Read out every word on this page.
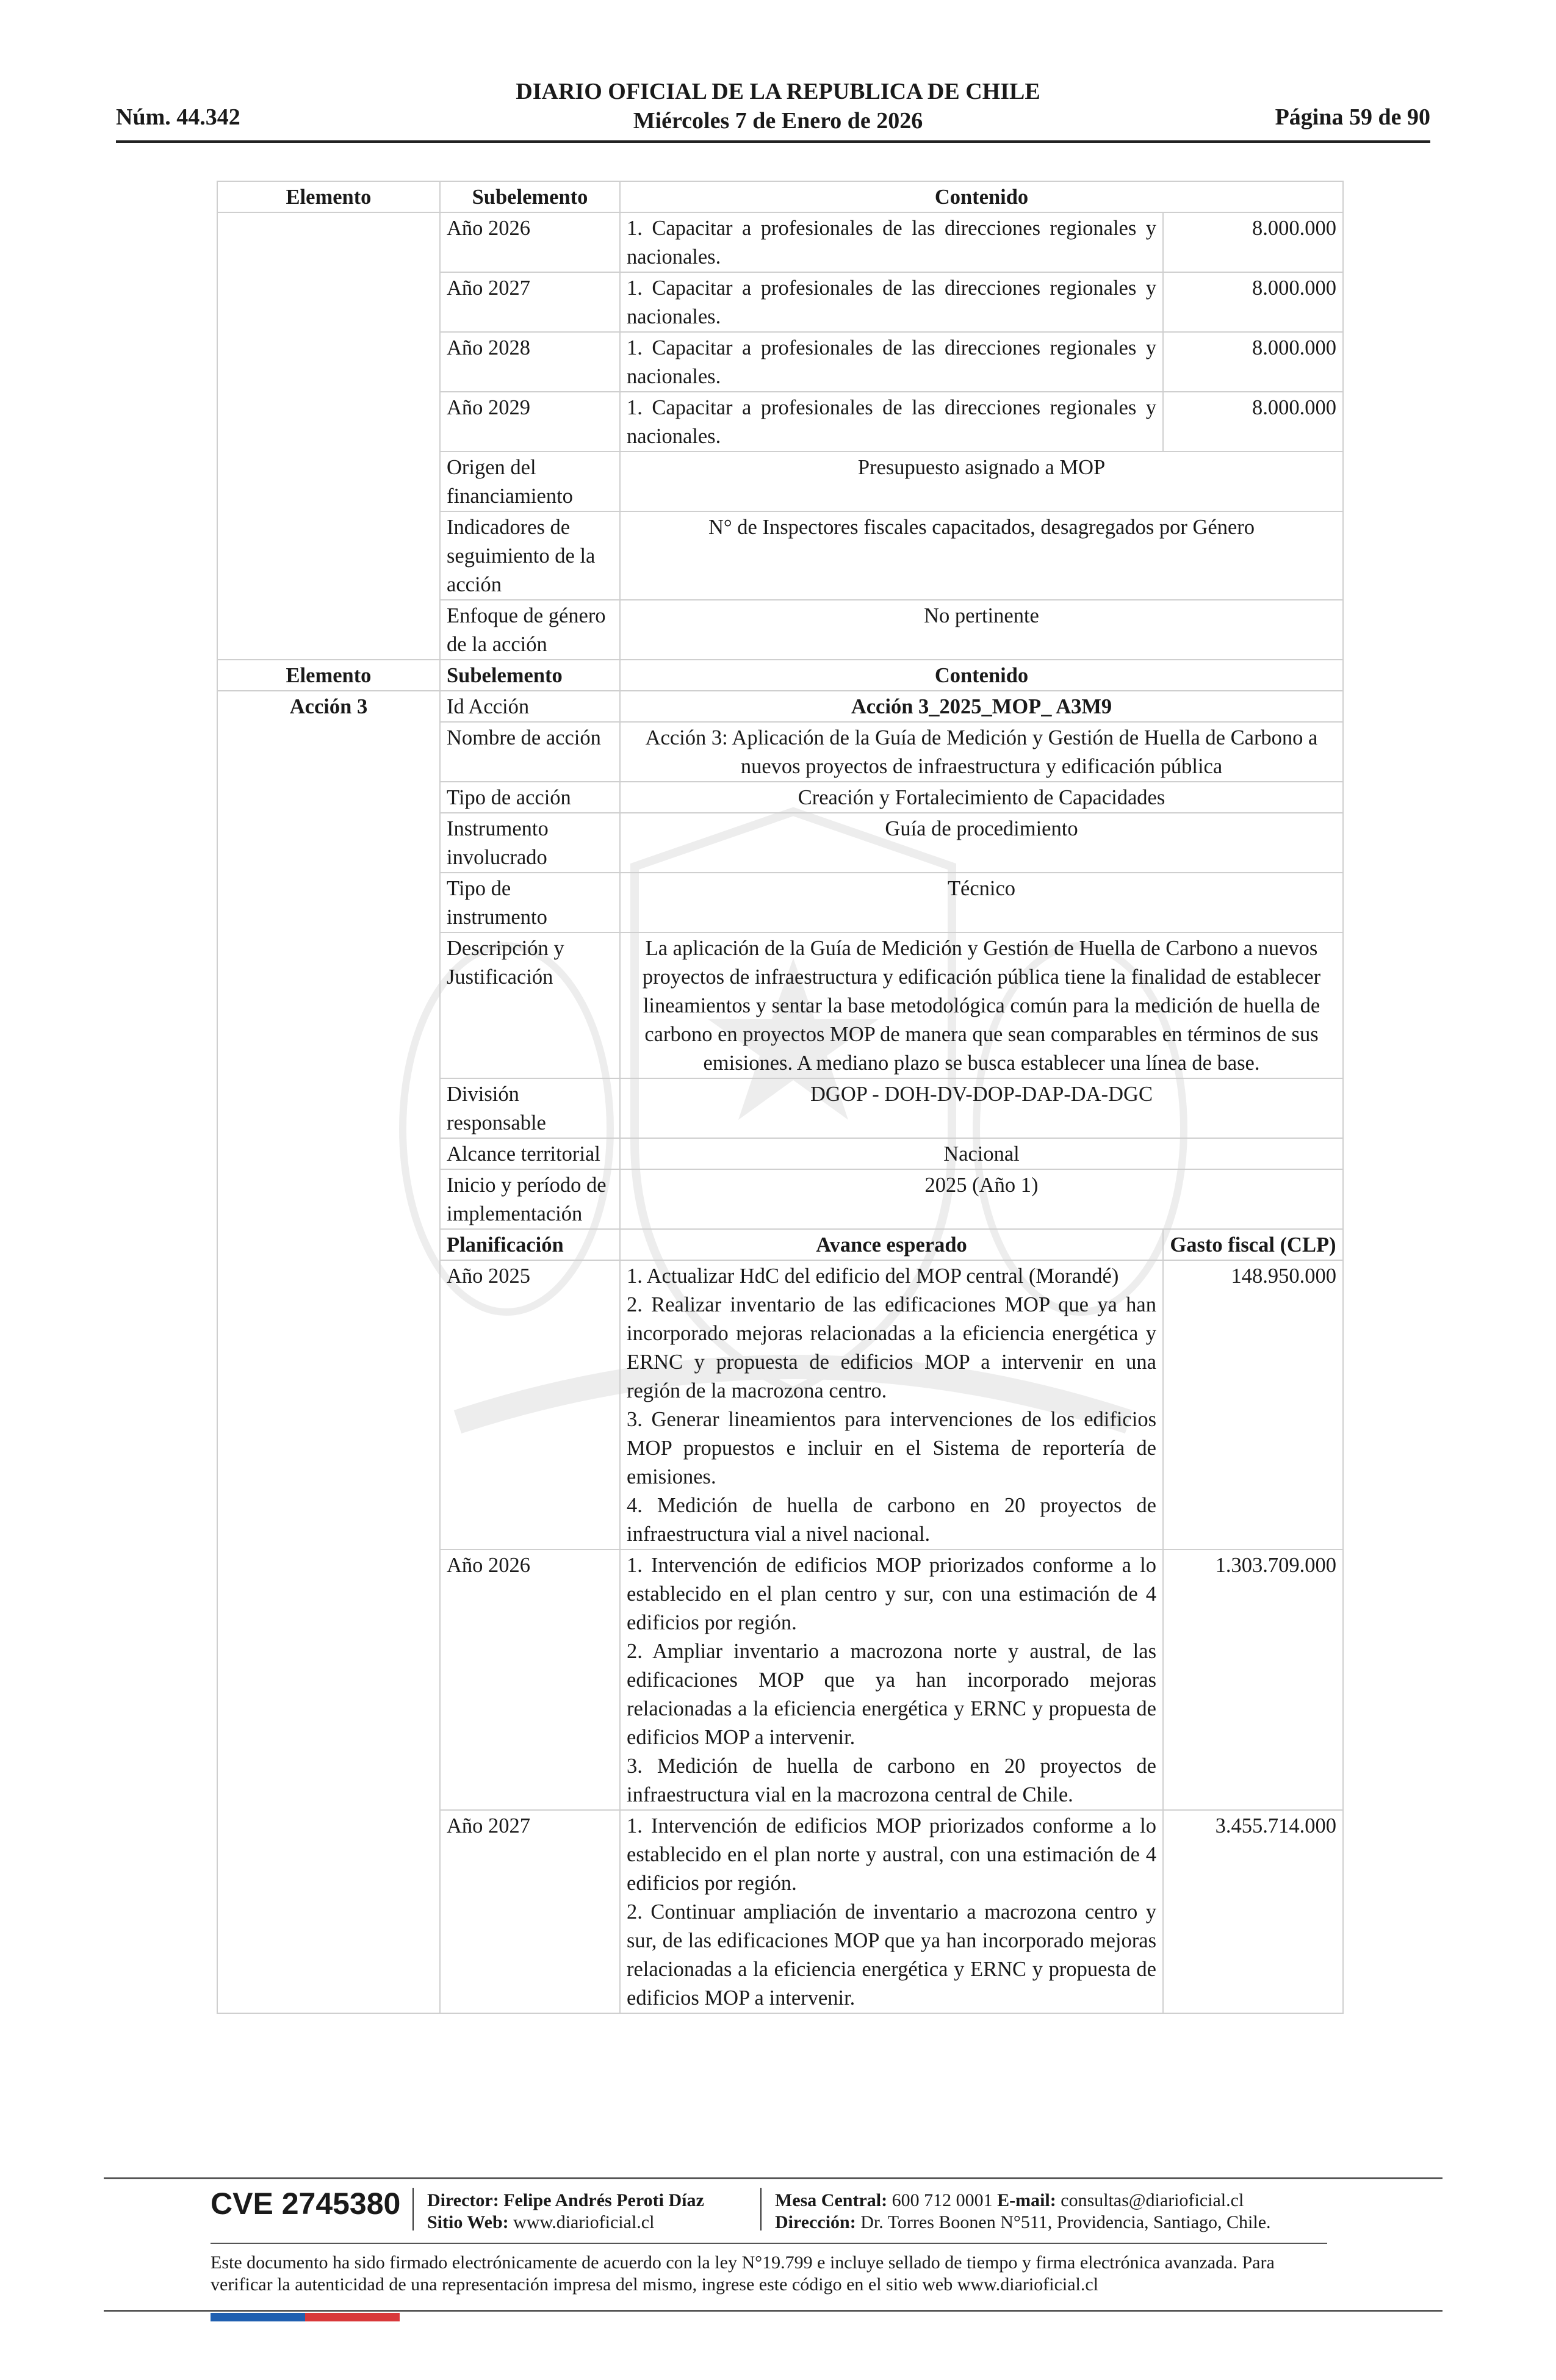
Núm. 44.342
DIARIO OFICIAL DE LA REPUBLICA DE CHILE
Miércoles 7 de Enero de 2026	Página 59 de 90
Elemento	Subelemento	Contenido	
	Año 2026	1. Capacitar a profesionales de las direcciones regionales y nacionales.	8.000.000
	Año 2027	1. Capacitar a profesionales de las direcciones regionales y nacionales.	8.000.000
	Año 2028	1. Capacitar a profesionales de las direcciones regionales y nacionales.	8.000.000
	Año 2029	1. Capacitar a profesionales de las direcciones regionales y nacionales.	8.000.000
	Origen del financiamiento	Presupuesto asignado a MOP	
	Indicadores de seguimiento de la acción	N° de Inspectores fiscales capacitados, desagregados por Género	
	Enfoque de género de la acción	No pertinente	
Elemento	Subelemento	Contenido	
Acción 3	Id Acción	Acción 3_2025_MOP_ A3M9	
	Nombre de acción	Acción 3: Aplicación de la Guía de Medición y Gestión de Huella de Carbono a nuevos proyectos de infraestructura y edificación pública	
	Tipo de acción	Creación y Fortalecimiento de Capacidades	
	Instrumento involucrado	Guía de procedimiento	
	Tipo de instrumento	Técnico	
	Descripción y Justificación	La aplicación de la Guía de Medición y Gestión de Huella de Carbono a nuevos proyectos de infraestructura y edificación pública tiene la finalidad de establecer lineamientos y sentar la base metodológica común para la medición de huella de carbono en proyectos MOP de manera que sean comparables en términos de sus emisiones. A mediano plazo se busca establecer una línea de base.	
	División responsable	DGOP - DOH-DV-DOP-DAP-DA-DGC	
	Alcance territorial	Nacional	
	Inicio y período de implementación	2025 (Año 1)	
	Planificación	Avance esperado	Gasto fiscal (CLP)
	Año 2025	1. Actualizar HdC del edificio del MOP central (Morandé)
2. Realizar inventario de las edificaciones MOP que ya han incorporado mejoras relacionadas a la eficiencia energética y ERNC y propuesta de edificios MOP a intervenir en una región de la macrozona centro.
3. Generar lineamientos para intervenciones de los edificios MOP propuestos e incluir en el Sistema de reportería de emisiones.
4. Medición de huella de carbono en 20 proyectos de infraestructura vial a nivel nacional.	148.950.000
	Año 2026	1. Intervención de edificios MOP priorizados conforme a lo establecido en el plan centro y sur, con una estimación de 4 edificios por región.
2. Ampliar inventario a macrozona norte y austral, de las edificaciones MOP que ya han incorporado mejoras relacionadas a la eficiencia energética y ERNC y propuesta de edificios MOP a intervenir.
3. Medición de huella de carbono en 20 proyectos de infraestructura vial en la macrozona central de Chile.	1.303.709.000
	Año 2027	1. Intervención de edificios MOP priorizados conforme a lo establecido en el plan norte y austral, con una estimación de 4 edificios por región.
2. Continuar ampliación de inventario a macrozona centro y sur, de las edificaciones MOP que ya han incorporado mejoras relacionadas a la eficiencia energética y ERNC y propuesta de edificios MOP a intervenir.	3.455.714.000
CVE 2745380 Director: Felipe Andrés Peroti Díaz
Sitio Web: www.diarioficial.cl
Mesa Central: 600 712 0001 E-mail: consultas@diarioficial.cl
Dirección: Dr. Torres Boonen N°511, Providencia, Santiago, Chile.
Este documento ha sido firmado electrónicamente de acuerdo con la ley N°19.799 e incluye sellado de tiempo y firma electrónica avanzada. Para verificar la autenticidad de una representación impresa del mismo, ingrese este código en el sitio web www.diarioficial.cl
